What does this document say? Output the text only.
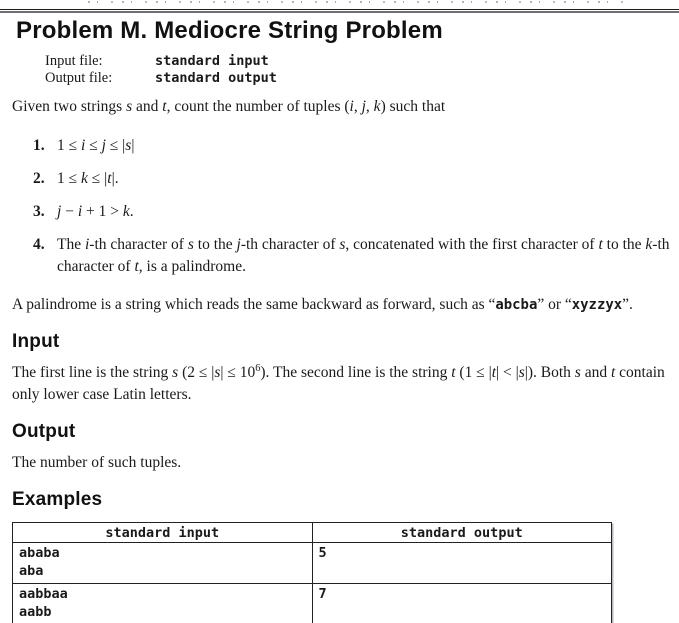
Problem M. Mediocre String Problem
Input file:	standard input
Output file:	standard output

Given two strings s and t, count the number of tuples (i, j, k) such that

1. 1 ≤ i ≤ j ≤ |s|
2. 1 ≤ k ≤ |t|.
3. j − i + 1 > k.
4. The i-th character of s to the j-th character of s, concatenated with the first character of t to the k-th character of t, is a palindrome.

A palindrome is a string which reads the same backward as forward, such as “abcba” or “xyzzyx”.

Input

The first line is the string s $(2 \le |s| \le 10^6)$. The second line is the string t (1 ≤ |t| < |s|). Both s and t contain only lower case Latin letters.

Output

The number of such tuples.

Examples
standard input	standard output

ababa
aba	5

aabbaa
aabb	7
